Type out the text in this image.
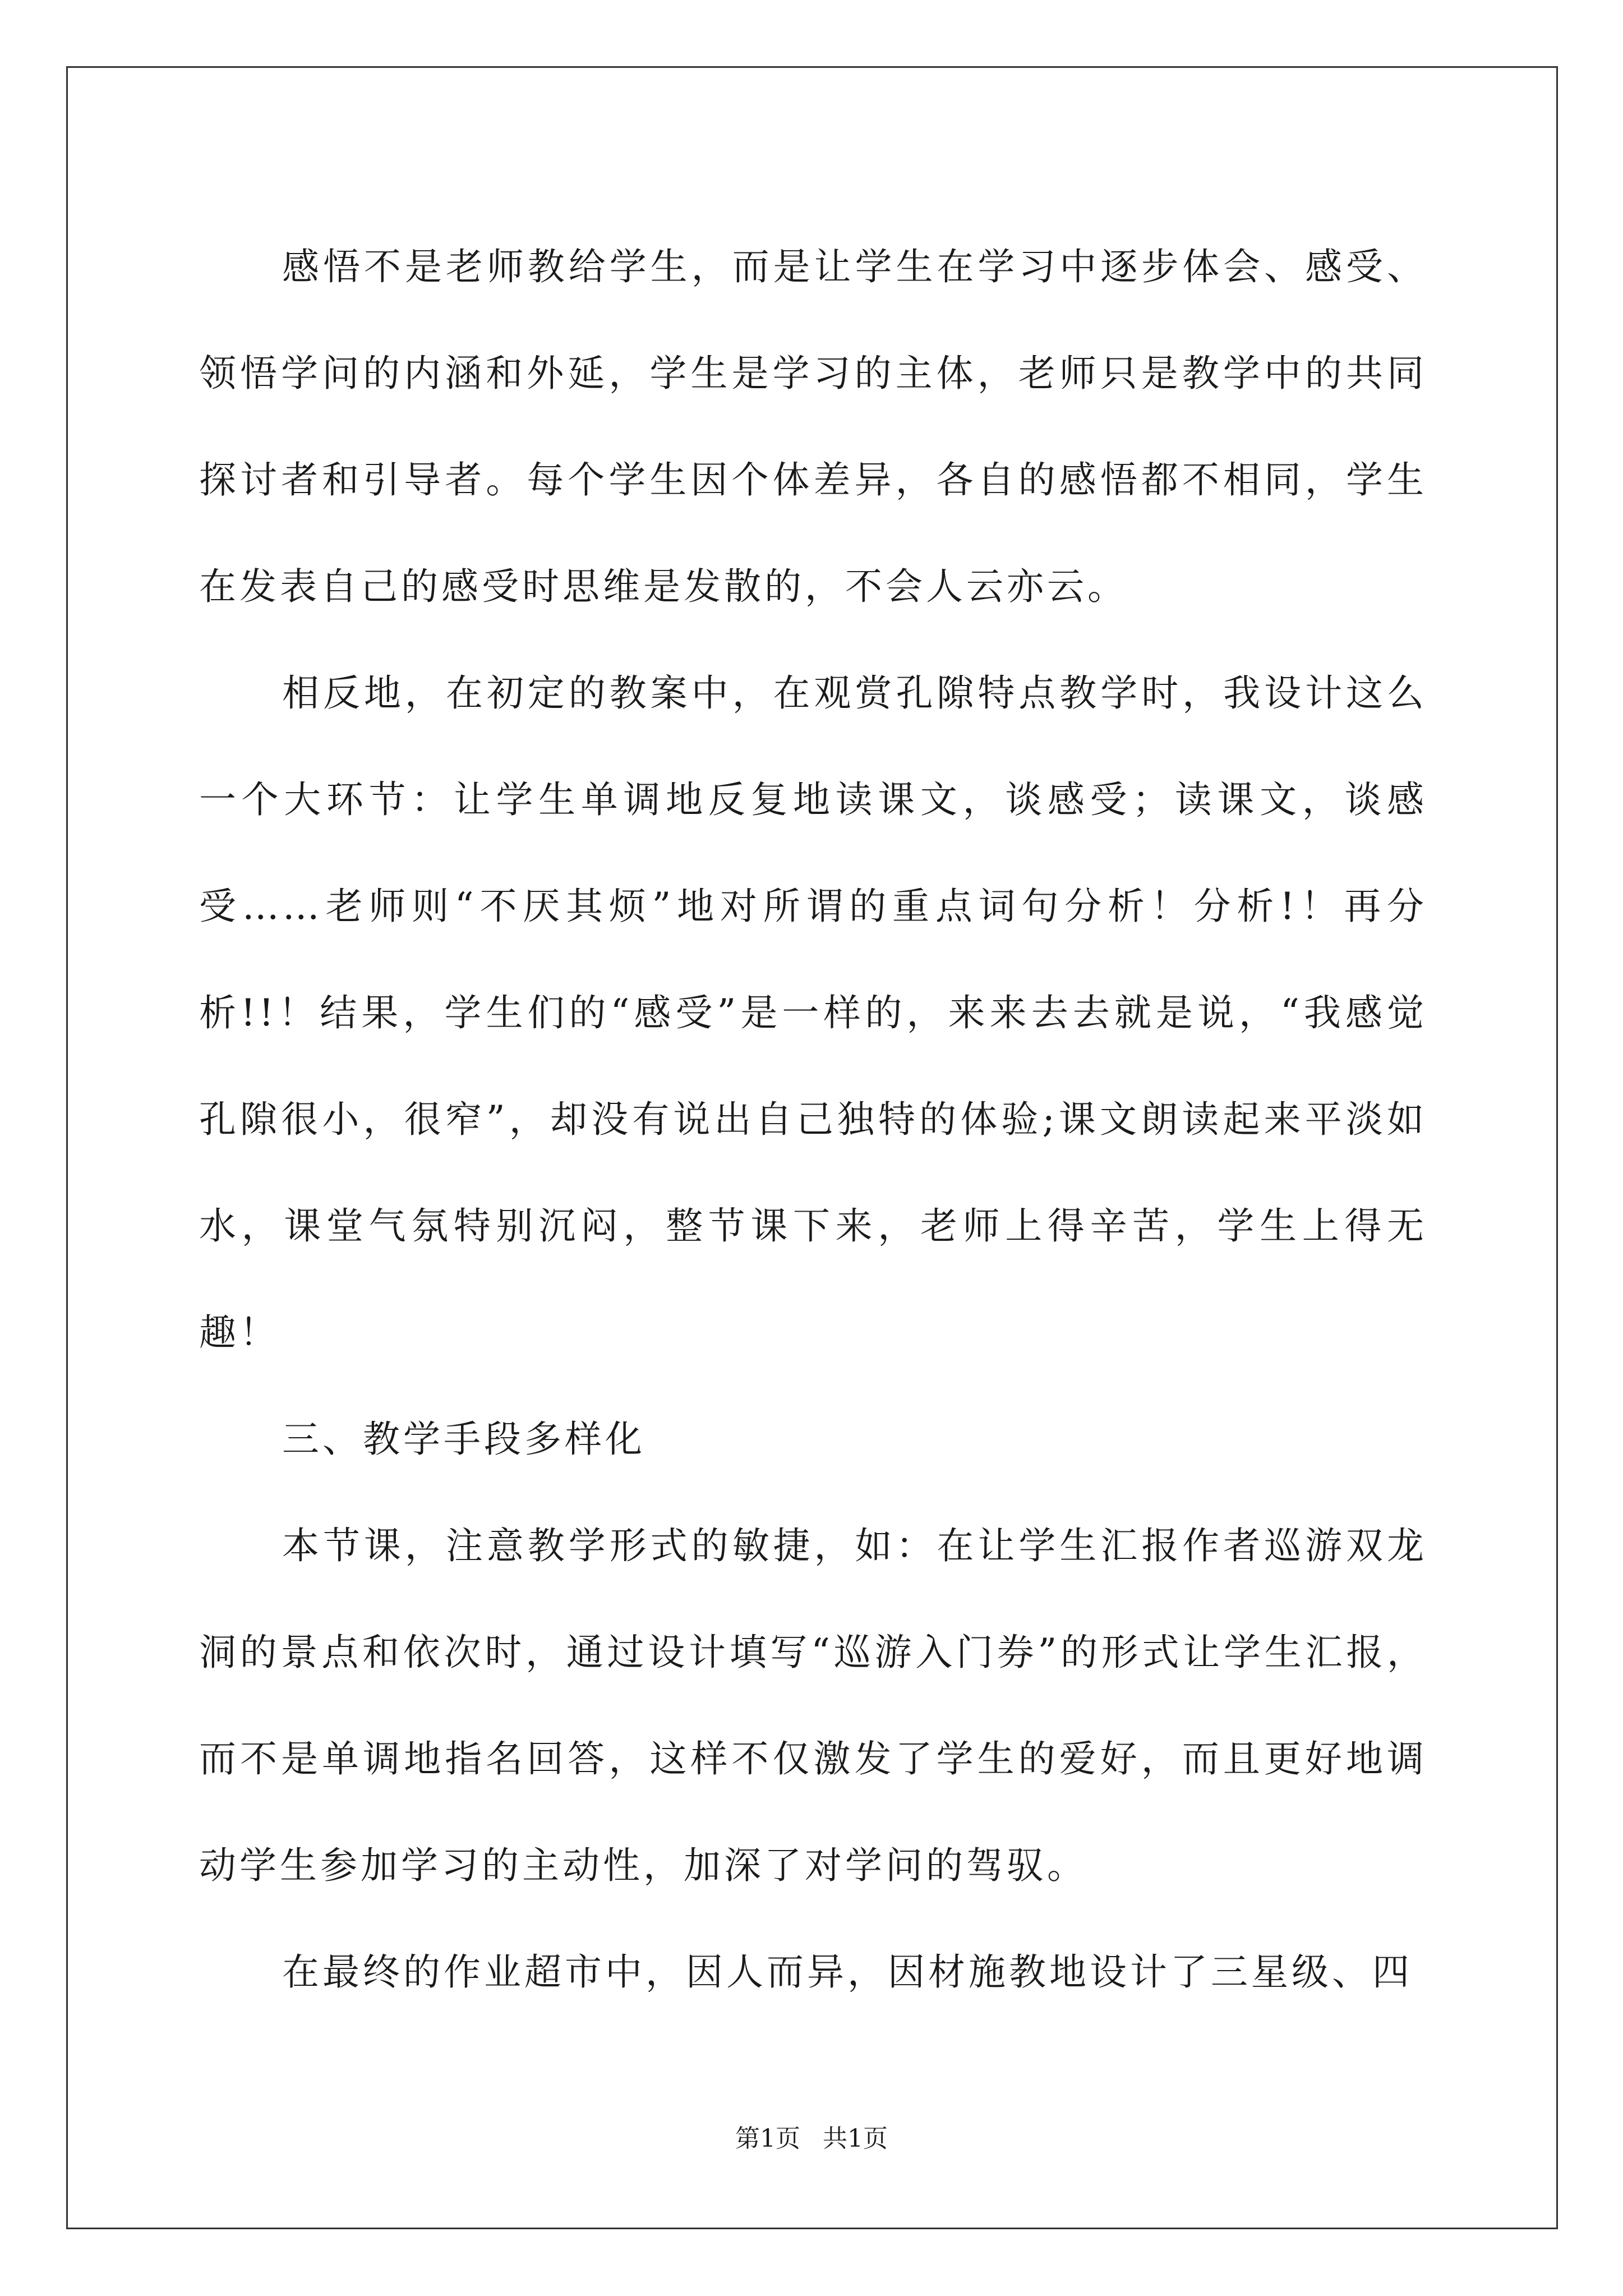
感悟不是老师教给学生，而是让学生在学习中逐步体会、感受、领悟学问的内涵和外延，学生是学习的主体，老师只是教学中的共同探讨者和引导者。每个学生因个体差异，各自的感悟都不相同，学生在发表自己的感受时思维是发散的，不会人云亦云。

相反地，在初定的教案中，在观赏孔隙特点教学时，我设计这么一个大环节：让学生单调地反复地读课文，谈感受；读课文，谈感受……老师则“不厌其烦”地对所谓的重点词句分析！分析!！再分析!!！结果，学生们的“感受”是一样的，来来去去就是说，“我感觉孔隙很小，很窄”，却没有说出自己独特的体验;课文朗读起来平淡如水，课堂气氛特别沉闷，整节课下来，老师上得辛苦，学生上得无趣！

三、教学手段多样化

本节课，注意教学形式的敏捷，如：在让学生汇报作者巡游双龙洞的景点和依次时，通过设计填写“巡游入门券”的形式让学生汇报，而不是单调地指名回答，这样不仅激发了学生的爱好，而且更好地调动学生参加学习的主动性，加深了对学问的驾驭。

在最终的作业超市中，因人而异，因材施教地设计了三星级、四

第1页 共1页
